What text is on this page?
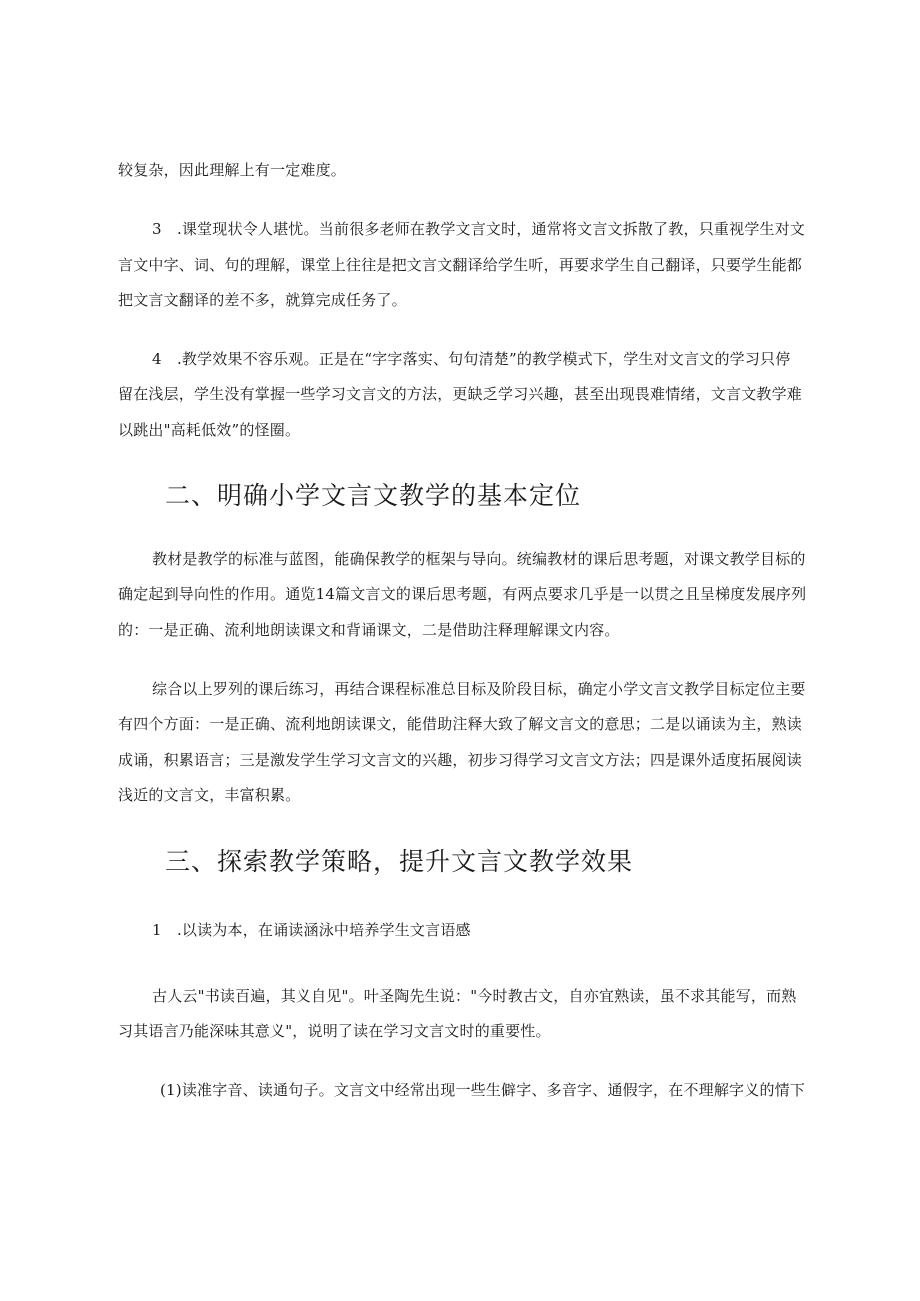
较复杂，因此理解上有一定难度。
3　.课堂现状令人堪忧。当前很多老师在教学文言文时，通常将文言文拆散了教，只重视学生对文
言文中字、词、句的理解，课堂上往往是把文言文翻译给学生听，再要求学生自己翻译，只要学生能都
把文言文翻译的差不多，就算完成任务了。
4　.教学效果不容乐观。正是在“字字落实、句句清楚”的教学模式下，学生对文言文的学习只停
留在浅层，学生没有掌握一些学习文言文的方法，更缺乏学习兴趣，甚至出现畏难情绪，文言文教学难
以跳出"高耗低效”的怪圈。
二、明确小学文言文教学的基本定位
教材是教学的标准与蓝图，能确保教学的框架与导向。统编教材的课后思考题，对课文教学目标的
确定起到导向性的作用。通览14篇文言文的课后思考题，有两点要求几乎是一以贯之且呈梯度发展序列
的：一是正确、流利地朗读课文和背诵课文，二是借助注释理解课文内容。
综合以上罗列的课后练习，再结合课程标准总目标及阶段目标，确定小学文言文教学目标定位主要
有四个方面：一是正确、流利地朗读课文，能借助注释大致了解文言文的意思；二是以诵读为主，熟读
成诵，积累语言；三是激发学生学习文言文的兴趣，初步习得学习文言文方法；四是课外适度拓展阅读
浅近的文言文，丰富积累。
三、探索教学策略，提升文言文教学效果
1　.以读为本，在诵读涵泳中培养学生文言语感
古人云"书读百遍，其义自见"。叶圣陶先生说："今时教古文，自亦宜熟读，虽不求其能写，而熟
习其语言乃能深味其意义"，说明了读在学习文言文时的重要性。
(1)读准字音、读通句子。文言文中经常出现一些生僻字、多音字、通假字，在不理解字义的情下
